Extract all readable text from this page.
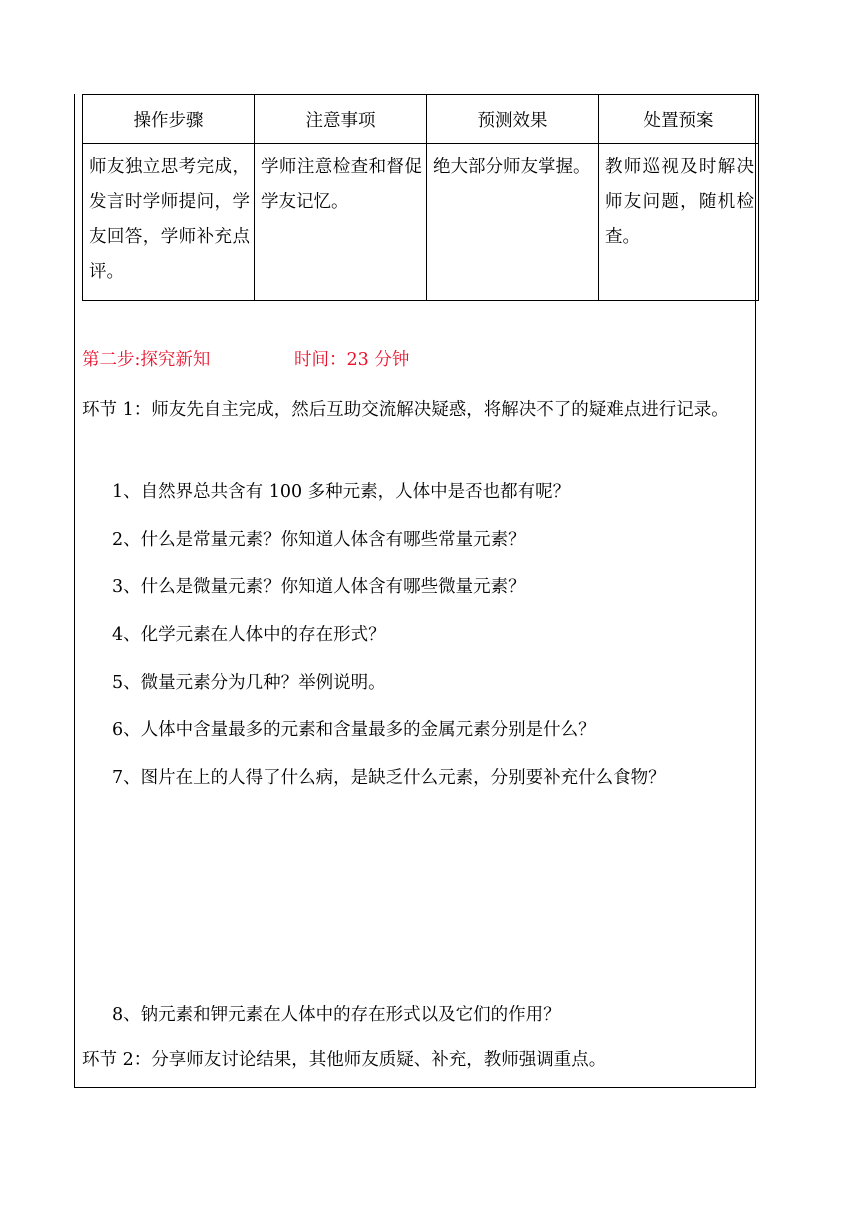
操作步骤	注意事项	预测效果	处置预案
师友独立思考完成，发言时学师提问，学友回答，学师补充点评。	学师注意检查和督促学友记忆。	绝大部分师友掌握。	教师巡视及时解决师友问题，随机检查。
第二步:探究新知	时间：23 分钟
环节 1：师友先自主完成，然后互助交流解决疑惑，将解决不了的疑难点进行记录。
1、自然界总共含有 100 多种元素，人体中是否也都有呢？
2、什么是常量元素？你知道人体含有哪些常量元素？
3、什么是微量元素？你知道人体含有哪些微量元素？
4、化学元素在人体中的存在形式？
5、微量元素分为几种？举例说明。
6、人体中含量最多的元素和含量最多的金属元素分别是什么？
7、图片在上的人得了什么病，是缺乏什么元素，分别要补充什么食物？
8、钠元素和钾元素在人体中的存在形式以及它们的作用？
环节 2：分享师友讨论结果，其他师友质疑、补充，教师强调重点。
